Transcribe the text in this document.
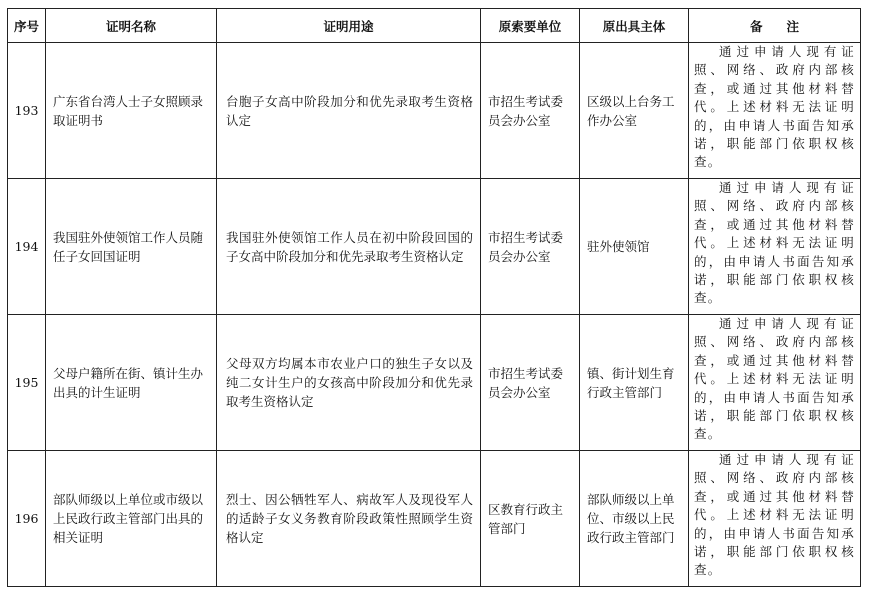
序号	证明名称	证明用途	原索要单位	原出具主体	备注
193	广东省台湾人士子女照顾录取证明书	台胞子女高中阶段加分和优先录取考生资格认定	市招生考试委员会办公室	区级以上台务工作办公室	通过申请人现有证照、网络、政府内部核查，或通过其他材料替代。上述材料无法证明的，由申请人书面告知承诺，职能部门依职权核查。

194	我国驻外使领馆工作人员随任子女回国证明	我国驻外使领馆工作人员在初中阶段回国的子女高中阶段加分和优先录取考生资格认定	市招生考试委员会办公室	驻外使领馆	通过申请人现有证照、网络、政府内部核查，或通过其他材料替代。上述材料无法证明的，由申请人书面告知承诺，职能部门依职权核查。

195	父母户籍所在街、镇计生办出具的计生证明	父母双方均属本市农业户口的独生子女以及纯二女计生户的女孩高中阶段加分和优先录取考生资格认定	市招生考试委员会办公室	镇、街计划生育行政主管部门	通过申请人现有证照、网络、政府内部核查，或通过其他材料替代。上述材料无法证明的，由申请人书面告知承诺，职能部门依职权核查。

196	部队师级以上单位或市级以上民政行政主管部门出具的相关证明	烈士、因公牺牲军人、病故军人及现役军人的适龄子女义务教育阶段政策性照顾学生资格认定	区教育行政主管部门	部队师级以上单位、市级以上民政行政主管部门	通过申请人现有证照、网络、政府内部核查，或通过其他材料替代。上述材料无法证明的，由申请人书面告知承诺，职能部门依职权核查。
